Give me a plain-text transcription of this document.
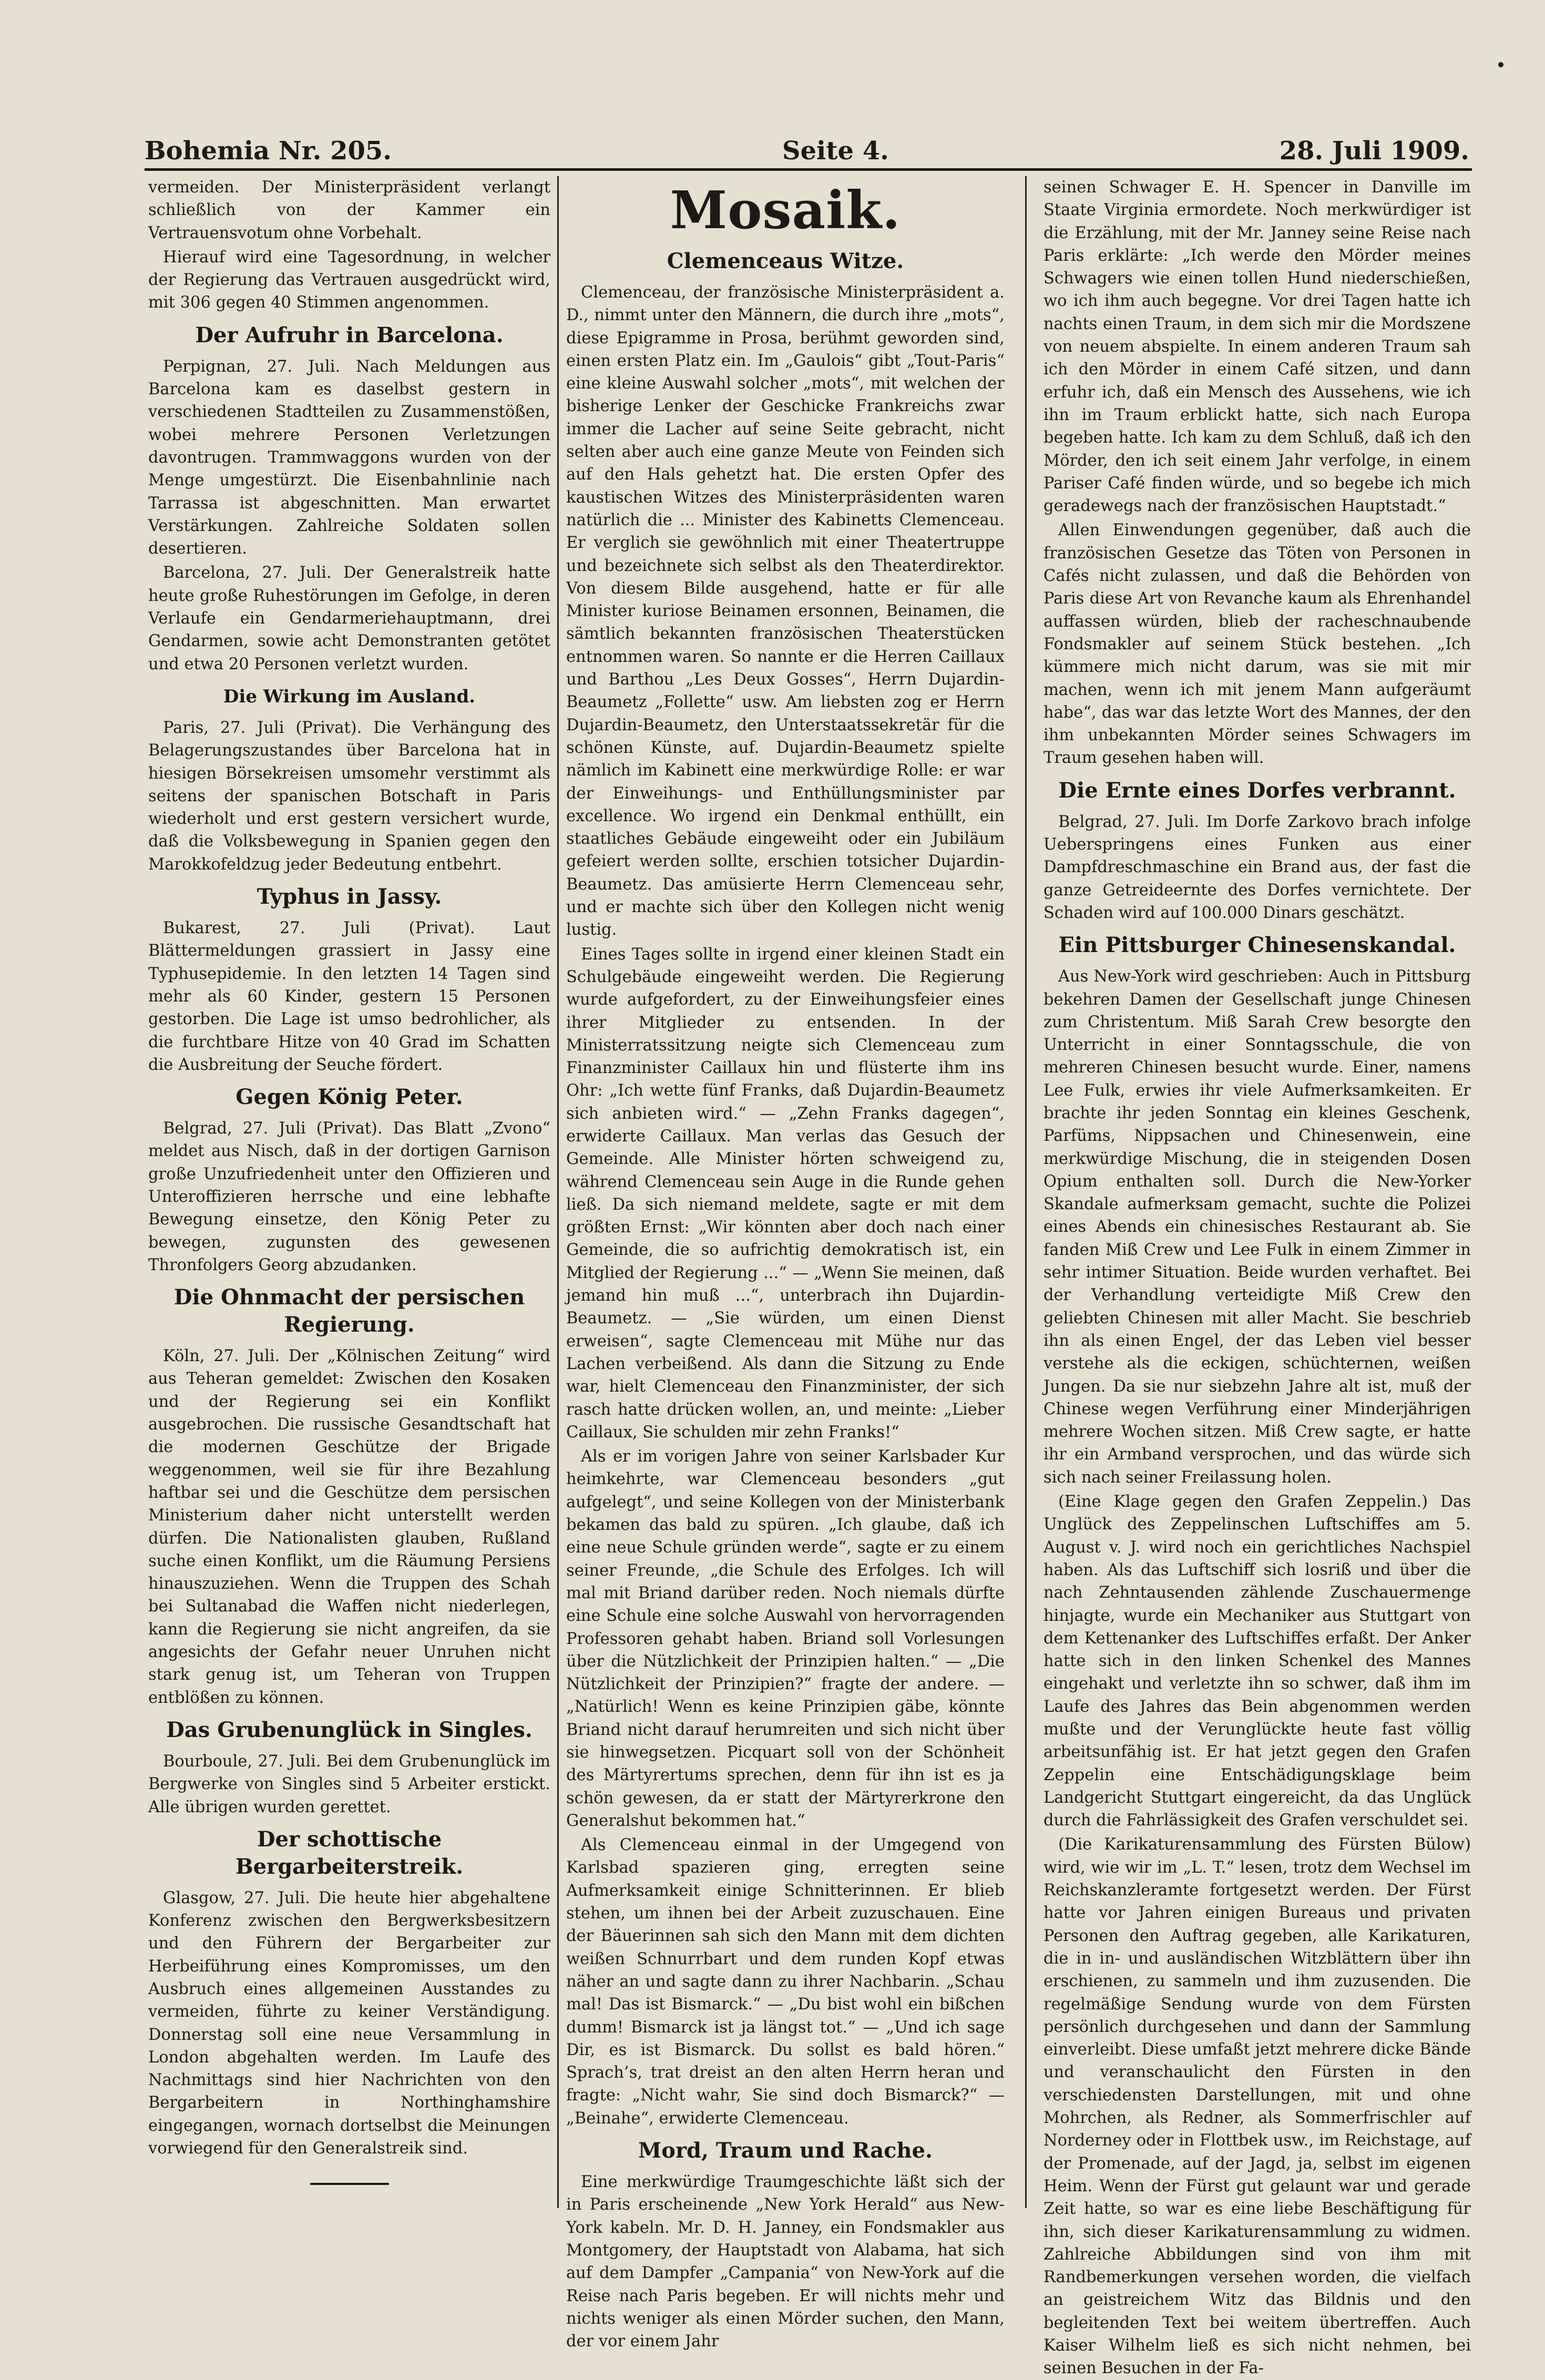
Bohemia Nr. 205.	Seite 4.	28. Juli 1909.

vermeiden. Der Ministerpräsident verlangt schließlich von der Kammer ein Vertrauensvotum ohne Vorbehalt.

Hierauf wird eine Tagesordnung, in welcher der Regierung das Vertrauen ausgedrückt wird, mit 306 gegen 40 Stimmen angenommen.

Der Aufruhr in Barcelona.

Perpignan, 27. Juli. Nach Meldungen aus Barcelona kam es daselbst gestern in verschiedenen Stadtteilen zu Zusammenstößen, wobei mehrere Personen Verletzungen davontrugen. Trammwaggons wurden von der Menge umgestürzt. Die Eisenbahnlinie nach Tarrassa ist abgeschnitten. Man erwartet Verstärkungen. Zahlreiche Soldaten sollen desertieren.

Barcelona, 27. Juli. Der Generalstreik hatte heute große Ruhestörungen im Gefolge, in deren Verlaufe ein Gendarmeriehauptmann, drei Gendarmen, sowie acht Demonstranten getötet und etwa 20 Personen verletzt wurden.

Die Wirkung im Ausland.

Paris, 27. Juli (Privat). Die Verhängung des Belagerungszustandes über Barcelona hat in hiesigen Börsekreisen umsomehr verstimmt als seitens der spanischen Botschaft in Paris wiederholt und erst gestern versichert wurde, daß die Volksbewegung in Spanien gegen den Marokkofeldzug jeder Bedeutung entbehrt.

Typhus in Jassy.

Bukarest, 27. Juli (Privat). Laut Blättermeldungen grassiert in Jassy eine Typhusepidemie. In den letzten 14 Tagen sind mehr als 60 Kinder, gestern 15 Personen gestorben. Die Lage ist umso bedrohlicher, als die furchtbare Hitze von 40 Grad im Schatten die Ausbreitung der Seuche fördert.

Gegen König Peter.

Belgrad, 27. Juli (Privat). Das Blatt „Zvono“ meldet aus Nisch, daß in der dortigen Garnison große Unzufriedenheit unter den Offizieren und Unteroffizieren herrsche und eine lebhafte Bewegung einsetze, den König Peter zu bewegen, zugunsten des gewesenen Thronfolgers Georg abzudanken.

Die Ohnmacht der persischen Regierung.

Köln, 27. Juli. Der „Kölnischen Zeitung“ wird aus Teheran gemeldet: Zwischen den Kosaken und der Regierung sei ein Konflikt ausgebrochen. Die russische Gesandtschaft hat die modernen Geschütze der Brigade weggenommen, weil sie für ihre Bezahlung haftbar sei und die Geschütze dem persischen Ministerium daher nicht unterstellt werden dürfen. Die Nationalisten glauben, Rußland suche einen Konflikt, um die Räumung Persiens hinauszuziehen. Wenn die Truppen des Schah bei Sultanabad die Waffen nicht niederlegen, kann die Regierung sie nicht angreifen, da sie angesichts der Gefahr neuer Unruhen nicht stark genug ist, um Teheran von Truppen entblößen zu können.

Das Grubenunglück in Singles.

Bourboule, 27. Juli. Bei dem Grubenunglück im Bergwerke von Singles sind 5 Arbeiter erstickt. Alle übrigen wurden gerettet.

Der schottische Bergarbeiterstreik.

Glasgow, 27. Juli. Die heute hier abgehaltene Konferenz zwischen den Bergwerksbesitzern und den Führern der Bergarbeiter zur Herbeiführung eines Kompromisses, um den Ausbruch eines allgemeinen Ausstandes zu vermeiden, führte zu keiner Verständigung. Donnerstag soll eine neue Versammlung in London abgehalten werden. Im Laufe des Nachmittags sind hier Nachrichten von den Bergarbeitern in Northinghamshire eingegangen, wornach dortselbst die Meinungen vorwiegend für den Generalstreik sind.

Mosaik.
Clemenceaus Witze.

Clemenceau, der französische Ministerpräsident a. D., nimmt unter den Männern, die durch ihre „mots“, diese Epigramme in Prosa, berühmt geworden sind, einen ersten Platz ein. Im „Gaulois“ gibt „Tout-Paris“ eine kleine Auswahl solcher „mots“, mit welchen der bisherige Lenker der Geschicke Frankreichs zwar immer die Lacher auf seine Seite gebracht, nicht selten aber auch eine ganze Meute von Feinden sich auf den Hals gehetzt hat. Die ersten Opfer des kaustischen Witzes des Ministerpräsidenten waren natürlich die ... Minister des Kabinetts Clemenceau. Er verglich sie gewöhnlich mit einer Theatertruppe und bezeichnete sich selbst als den Theaterdirektor. Von diesem Bilde ausgehend, hatte er für alle Minister kuriose Beinamen ersonnen, Beinamen, die sämtlich bekannten französischen Theaterstücken entnommen waren. So nannte er die Herren Caillaux und Barthou „Les Deux Gosses“, Herrn Dujardin-Beaumetz „Follette“ usw. Am liebsten zog er Herrn Dujardin-Beaumetz, den Unterstaatssekretär für die schönen Künste, auf. Dujardin-Beaumetz spielte nämlich im Kabinett eine merkwürdige Rolle: er war der Einweihungs- und Enthüllungsminister par excellence. Wo irgend ein Denkmal enthüllt, ein staatliches Gebäude eingeweiht oder ein Jubiläum gefeiert werden sollte, erschien totsicher Dujardin-Beaumetz. Das amüsierte Herrn Clemenceau sehr, und er machte sich über den Kollegen nicht wenig lustig.

Eines Tages sollte in irgend einer kleinen Stadt ein Schulgebäude eingeweiht werden. Die Regierung wurde aufgefordert, zu der Einweihungsfeier eines ihrer Mitglieder zu entsenden. In der Ministerratssitzung neigte sich Clemenceau zum Finanzminister Caillaux hin und flüsterte ihm ins Ohr: „Ich wette fünf Franks, daß Dujardin-Beaumetz sich anbieten wird.“ — „Zehn Franks dagegen“, erwiderte Caillaux. Man verlas das Gesuch der Gemeinde. Alle Minister hörten schweigend zu, während Clemenceau sein Auge in die Runde gehen ließ. Da sich niemand meldete, sagte er mit dem größten Ernst: „Wir könnten aber doch nach einer Gemeinde, die so aufrichtig demokratisch ist, ein Mitglied der Regierung ...“ — „Wenn Sie meinen, daß jemand hin muß ...“, unterbrach ihn Dujardin-Beaumetz. — „Sie würden, um einen Dienst erweisen“, sagte Clemenceau mit Mühe nur das Lachen verbeißend. Als dann die Sitzung zu Ende war, hielt Clemenceau den Finanzminister, der sich rasch hatte drücken wollen, an, und meinte: „Lieber Caillaux, Sie schulden mir zehn Franks!“

Als er im vorigen Jahre von seiner Karlsbader Kur heimkehrte, war Clemenceau besonders „gut aufgelegt“, und seine Kollegen von der Ministerbank bekamen das bald zu spüren. „Ich glaube, daß ich eine neue Schule gründen werde“, sagte er zu einem seiner Freunde, „die Schule des Erfolges. Ich will mal mit Briand darüber reden. Noch niemals dürfte eine Schule eine solche Auswahl von hervorragenden Professoren gehabt haben. Briand soll Vorlesungen über die Nützlichkeit der Prinzipien halten.“ — „Die Nützlichkeit der Prinzipien?“ fragte der andere. — „Natürlich! Wenn es keine Prinzipien gäbe, könnte Briand nicht darauf herumreiten und sich nicht über sie hinwegsetzen. Picquart soll von der Schönheit des Märtyrertums sprechen, denn für ihn ist es ja schön gewesen, da er statt der Märtyrerkrone den Generalshut bekommen hat.“

Als Clemenceau einmal in der Umgegend von Karlsbad spazieren ging, erregten seine Aufmerksamkeit einige Schnitterinnen. Er blieb stehen, um ihnen bei der Arbeit zuzuschauen. Eine der Bäuerinnen sah sich den Mann mit dem dichten weißen Schnurrbart und dem runden Kopf etwas näher an und sagte dann zu ihrer Nachbarin. „Schau mal! Das ist Bismarck.“ — „Du bist wohl ein bißchen dumm! Bismarck ist ja längst tot.“ — „Und ich sage Dir, es ist Bismarck. Du sollst es bald hören.“ Sprach’s, trat dreist an den alten Herrn heran und fragte: „Nicht wahr, Sie sind doch Bismarck?“ — „Beinahe“, erwiderte Clemenceau.

Mord, Traum und Rache.

Eine merkwürdige Traumgeschichte läßt sich der in Paris erscheinende „New York Herald“ aus New-York kabeln. Mr. D. H. Janney, ein Fondsmakler aus Montgomery, der Hauptstadt von Alabama, hat sich auf dem Dampfer „Campania“ von New-York auf die Reise nach Paris begeben. Er will nichts mehr und nichts weniger als einen Mörder suchen, den Mann, der vor einem Jahr

seinen Schwager E. H. Spencer in Danville im Staate Virginia ermordete. Noch merkwürdiger ist die Erzählung, mit der Mr. Janney seine Reise nach Paris erklärte: „Ich werde den Mörder meines Schwagers wie einen tollen Hund niederschießen, wo ich ihm auch begegne. Vor drei Tagen hatte ich nachts einen Traum, in dem sich mir die Mordszene von neuem abspielte. In einem anderen Traum sah ich den Mörder in einem Café sitzen, und dann erfuhr ich, daß ein Mensch des Aussehens, wie ich ihn im Traum erblickt hatte, sich nach Europa begeben hatte. Ich kam zu dem Schluß, daß ich den Mörder, den ich seit einem Jahr verfolge, in einem Pariser Café finden würde, und so begebe ich mich geradewegs nach der französischen Hauptstadt.“

Allen Einwendungen gegenüber, daß auch die französischen Gesetze das Töten von Personen in Cafés nicht zulassen, und daß die Behörden von Paris diese Art von Revanche kaum als Ehrenhandel auffassen würden, blieb der racheschnaubende Fondsmakler auf seinem Stück bestehen. „Ich kümmere mich nicht darum, was sie mit mir machen, wenn ich mit jenem Mann aufgeräumt habe“, das war das letzte Wort des Mannes, der den ihm unbekannten Mörder seines Schwagers im Traum gesehen haben will.

Die Ernte eines Dorfes verbrannt.

Belgrad, 27. Juli. Im Dorfe Zarkovo brach infolge Ueberspringens eines Funken aus einer Dampfdreschmaschine ein Brand aus, der fast die ganze Getreideernte des Dorfes vernichtete. Der Schaden wird auf 100.000 Dinars geschätzt.

Ein Pittsburger Chinesenskandal.

Aus New-York wird geschrieben: Auch in Pittsburg bekehren Damen der Gesellschaft junge Chinesen zum Christentum. Miß Sarah Crew besorgte den Unterricht in einer Sonntagsschule, die von mehreren Chinesen besucht wurde. Einer, namens Lee Fulk, erwies ihr viele Aufmerksamkeiten. Er brachte ihr jeden Sonntag ein kleines Geschenk, Parfüms, Nippsachen und Chinesenwein, eine merkwürdige Mischung, die in steigenden Dosen Opium enthalten soll. Durch die New-Yorker Skandale aufmerksam gemacht, suchte die Polizei eines Abends ein chinesisches Restaurant ab. Sie fanden Miß Crew und Lee Fulk in einem Zimmer in sehr intimer Situation. Beide wurden verhaftet. Bei der Verhandlung verteidigte Miß Crew den geliebten Chinesen mit aller Macht. Sie beschrieb ihn als einen Engel, der das Leben viel besser verstehe als die eckigen, schüchternen, weißen Jungen. Da sie nur siebzehn Jahre alt ist, muß der Chinese wegen Verführung einer Minderjährigen mehrere Wochen sitzen. Miß Crew sagte, er hatte ihr ein Armband versprochen, und das würde sich sich nach seiner Freilassung holen.

(Eine Klage gegen den Grafen Zeppelin.) Das Unglück des Zeppelinschen Luftschiffes am 5. August v. J. wird noch ein gerichtliches Nachspiel haben. Als das Luftschiff sich losriß und über die nach Zehntausenden zählende Zuschauermenge hinjagte, wurde ein Mechaniker aus Stuttgart von dem Kettenanker des Luftschiffes erfaßt. Der Anker hatte sich in den linken Schenkel des Mannes eingehakt und verletzte ihn so schwer, daß ihm im Laufe des Jahres das Bein abgenommen werden mußte und der Verunglückte heute fast völlig arbeitsunfähig ist. Er hat jetzt gegen den Grafen Zeppelin eine Entschädigungsklage beim Landgericht Stuttgart eingereicht, da das Unglück durch die Fahrlässigkeit des Grafen verschuldet sei.

(Die Karikaturensammlung des Fürsten Bülow) wird, wie wir im „L. T.“ lesen, trotz dem Wechsel im Reichskanzleramte fortgesetzt werden. Der Fürst hatte vor Jahren einigen Bureaus und privaten Personen den Auftrag gegeben, alle Karikaturen, die in in- und ausländischen Witzblättern über ihn erschienen, zu sammeln und ihm zuzusenden. Die regelmäßige Sendung wurde von dem Fürsten persönlich durchgesehen und dann der Sammlung einverleibt. Diese umfaßt jetzt mehrere dicke Bände und veranschaulicht den Fürsten in den verschiedensten Darstellungen, mit und ohne Mohrchen, als Redner, als Sommerfrischler auf Norderney oder in Flottbek usw., im Reichstage, auf der Promenade, auf der Jagd, ja, selbst im eigenen Heim. Wenn der Fürst gut gelaunt war und gerade Zeit hatte, so war es eine liebe Beschäftigung für ihn, sich dieser Karikaturensammlung zu widmen. Zahlreiche Abbildungen sind von ihm mit Randbemerkungen versehen worden, die vielfach an geistreichem Witz das Bildnis und den begleitenden Text bei weitem übertreffen. Auch Kaiser Wilhelm ließ es sich nicht nehmen, bei seinen Besuchen in der Fa-
